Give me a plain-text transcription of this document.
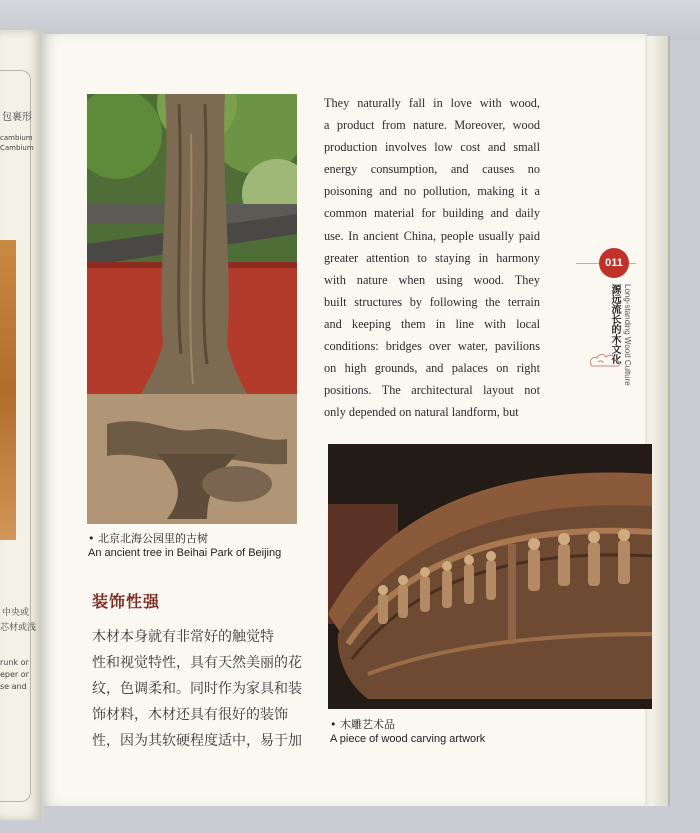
包裹形
cambium
Cambium
中央或
芯材或浅
runk or
eper or
se and
• 北京北海公园里的古树
An ancient tree in Beihai Park of Beijing
They naturally fall in love with wood,
a product from nature. Moreover, wood
production involves low cost and small
energy consumption, and causes no
poisoning and no pollution, making it a
common material for building and daily
use. In ancient China, people usually paid
greater attention to staying in harmony
with nature when using wood. They
built structures by following the terrain
and keeping them in line with local
conditions: bridges over water, pavilions
on high grounds, and palaces on right
positions. The architectural layout not
only depended on natural landform, but
011
源远流长的木文化 Long-standing Wood Culture
• 木雕艺术品
A piece of wood carving artwork
装饰性强
木材本身就有非常好的触觉特
性和视觉特性，具有天然美丽的花
纹，色调柔和。同时作为家具和装
饰材料，木材还具有很好的装饰
性，因为其软硬程度适中，易于加
